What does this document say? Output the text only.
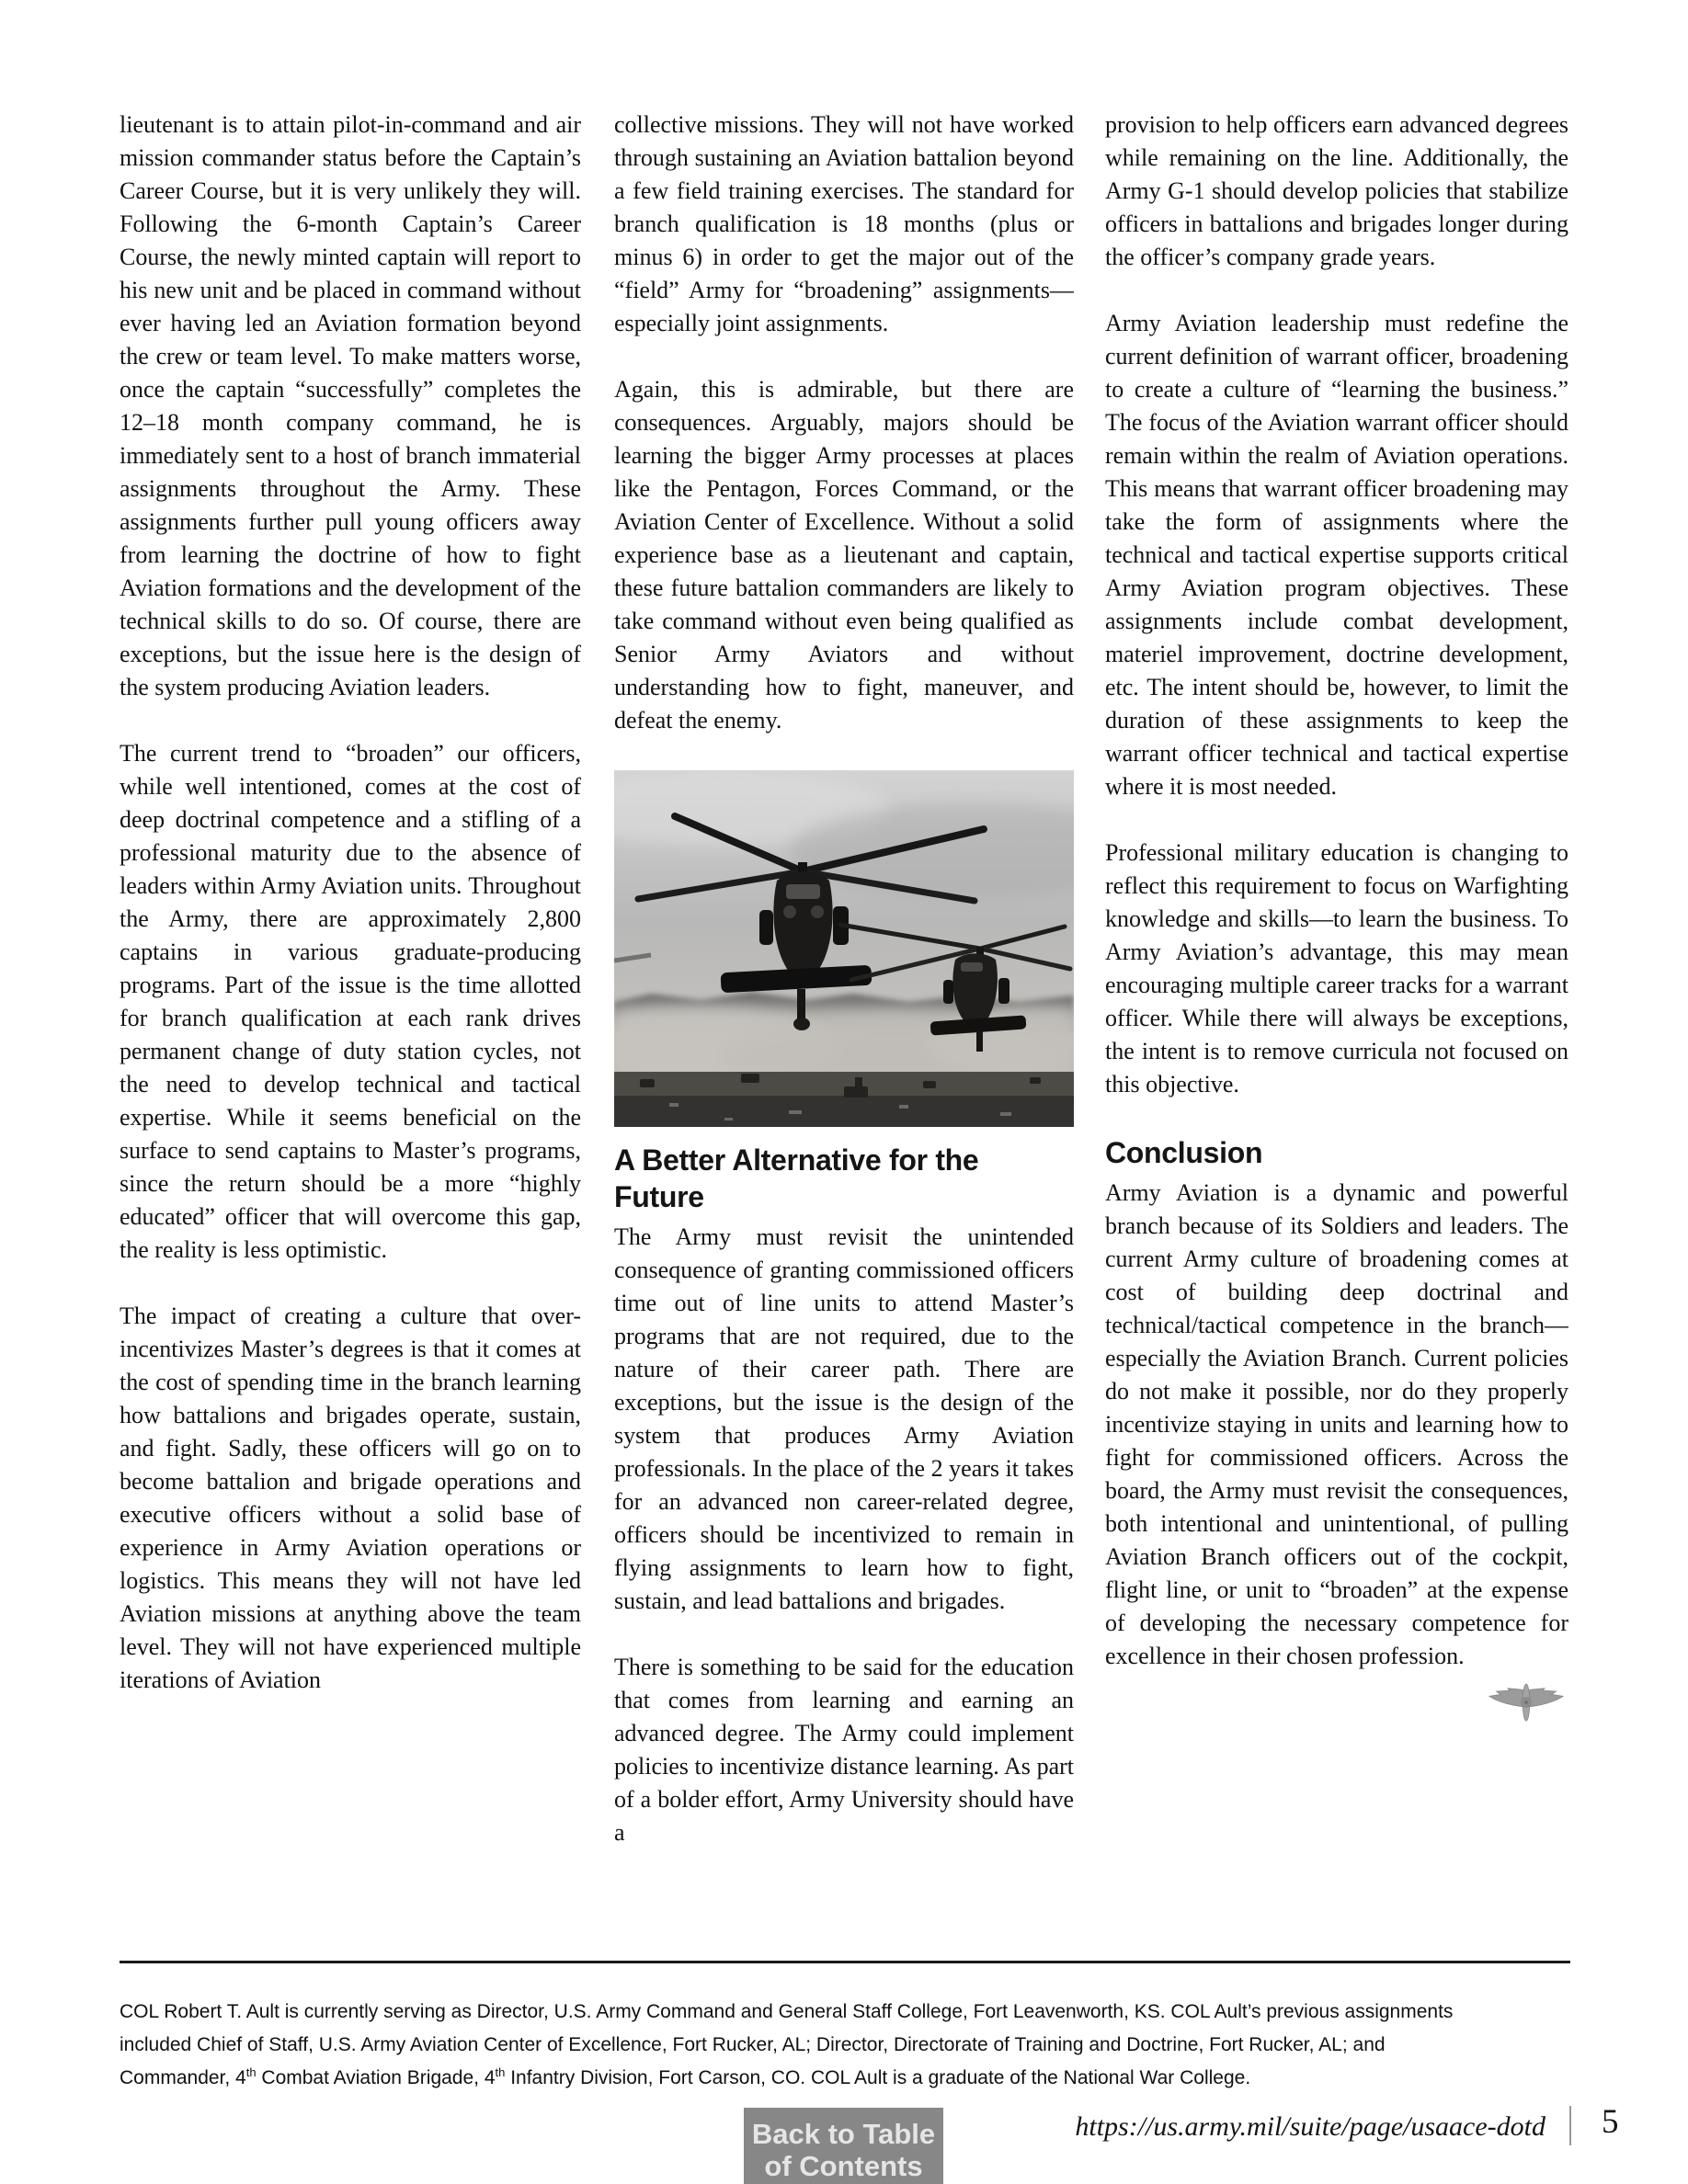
lieutenant is to attain pilot-in-command and air mission commander status before the Captain’s Career Course, but it is very unlikely they will. Following the 6-month Captain’s Career Course, the newly minted captain will report to his new unit and be placed in command without ever having led an Aviation formation beyond the crew or team level. To make matters worse, once the captain “successfully” completes the 12–18 month company command, he is immediately sent to a host of branch immaterial assignments throughout the Army. These assignments further pull young officers away from learning the doctrine of how to fight Aviation formations and the development of the technical skills to do so. Of course, there are exceptions, but the issue here is the design of the system producing Aviation leaders.

The current trend to “broaden” our officers, while well intentioned, comes at the cost of deep doctrinal competence and a stifling of a professional maturity due to the absence of leaders within Army Aviation units. Throughout the Army, there are approximately 2,800 captains in various graduate-producing programs. Part of the issue is the time allotted for branch qualification at each rank drives permanent change of duty station cycles, not the need to develop technical and tactical expertise. While it seems beneficial on the surface to send captains to Master’s programs, since the return should be a more “highly educated” officer that will overcome this gap, the reality is less optimistic.

The impact of creating a culture that over-incentivizes Master’s degrees is that it comes at the cost of spending time in the branch learning how battalions and brigades operate, sustain, and fight. Sadly, these officers will go on to become battalion and brigade operations and executive officers without a solid base of experience in Army Aviation operations or logistics. This means they will not have led Aviation missions at anything above the team level. They will not have experienced multiple iterations of Aviation

collective missions. They will not have worked through sustaining an Aviation battalion beyond a few field training exercises. The standard for branch qualification is 18 months (plus or minus 6) in order to get the major out of the “field” Army for “broadening” assignments—especially joint assignments.

Again, this is admirable, but there are consequences. Arguably, majors should be learning the bigger Army processes at places like the Pentagon, Forces Command, or the Aviation Center of Excellence. Without a solid experience base as a lieutenant and captain, these future battalion commanders are likely to take command without even being qualified as Senior Army Aviators and without understanding how to fight, maneuver, and defeat the enemy.

A Better Alternative for the Future

The Army must revisit the unintended consequence of granting commissioned officers time out of line units to attend Master’s programs that are not required, due to the nature of their career path. There are exceptions, but the issue is the design of the system that produces Army Aviation professionals. In the place of the 2 years it takes for an advanced non career-related degree, officers should be incentivized to remain in flying assignments to learn how to fight, sustain, and lead battalions and brigades.

There is something to be said for the education that comes from learning and earning an advanced degree. The Army could implement policies to incentivize distance learning. As part of a bolder effort, Army University should have a

provision to help officers earn advanced degrees while remaining on the line. Additionally, the Army G-1 should develop policies that stabilize officers in battalions and brigades longer during the officer’s company grade years.

Army Aviation leadership must redefine the current definition of warrant officer, broadening to create a culture of “learning the business.” The focus of the Aviation warrant officer should remain within the realm of Aviation operations. This means that warrant officer broadening may take the form of assignments where the technical and tactical expertise supports critical Army Aviation program objectives. These assignments include combat development, materiel improvement, doctrine development, etc. The intent should be, however, to limit the duration of these assignments to keep the warrant officer technical and tactical expertise where it is most needed.

Professional military education is changing to reflect this requirement to focus on Warfighting knowledge and skills—to learn the business. To Army Aviation’s advantage, this may mean encouraging multiple career tracks for a warrant officer. While there will always be exceptions, the intent is to remove curricula not focused on this objective.

Conclusion

Army Aviation is a dynamic and powerful branch because of its Soldiers and leaders. The current Army culture of broadening comes at cost of building deep doctrinal and technical/tactical competence in the branch—especially the Aviation Branch. Current policies do not make it possible, nor do they properly incentivize staying in units and learning how to fight for commissioned officers. Across the board, the Army must revisit the consequences, both intentional and unintentional, of pulling Aviation Branch officers out of the cockpit, flight line, or unit to “broaden” at the expense of developing the necessary competence for excellence in their chosen profession.

COL Robert T. Ault is currently serving as Director, U.S. Army Command and General Staff College, Fort Leavenworth, KS. COL Ault’s previous assignments included Chief of Staff, U.S. Army Aviation Center of Excellence, Fort Rucker, AL; Director, Directorate of Training and Doctrine, Fort Rucker, AL; and Commander, 4th Combat Aviation Brigade, 4th Infantry Division, Fort Carson, CO. COL Ault is a graduate of the National War College.

Back to Table
of Contents
https://us.army.mil/suite/page/usaace-dotd 5
